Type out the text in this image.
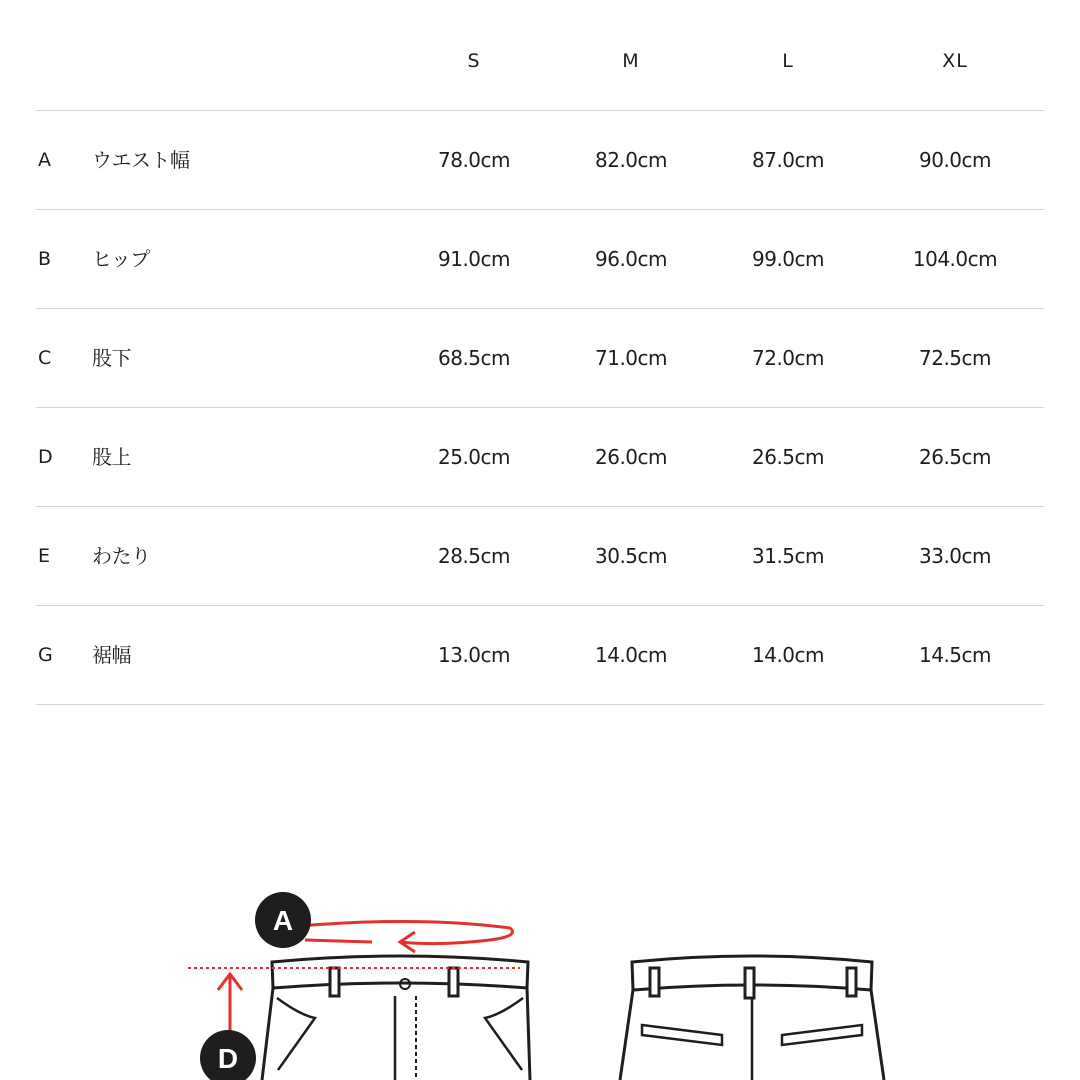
S	M	L	XL
A ウエスト幅	78.0cm	82.0cm	87.0cm	90.0cm
B ヒップ	91.0cm	96.0cm	99.0cm	104.0cm
C 股下	68.5cm	71.0cm	72.0cm	72.5cm
D 股上	25.0cm	26.0cm	26.5cm	26.5cm
E わたり	28.5cm	30.5cm	31.5cm	33.0cm
G 裾幅	13.0cm	14.0cm	14.0cm	14.5cm
A
D
